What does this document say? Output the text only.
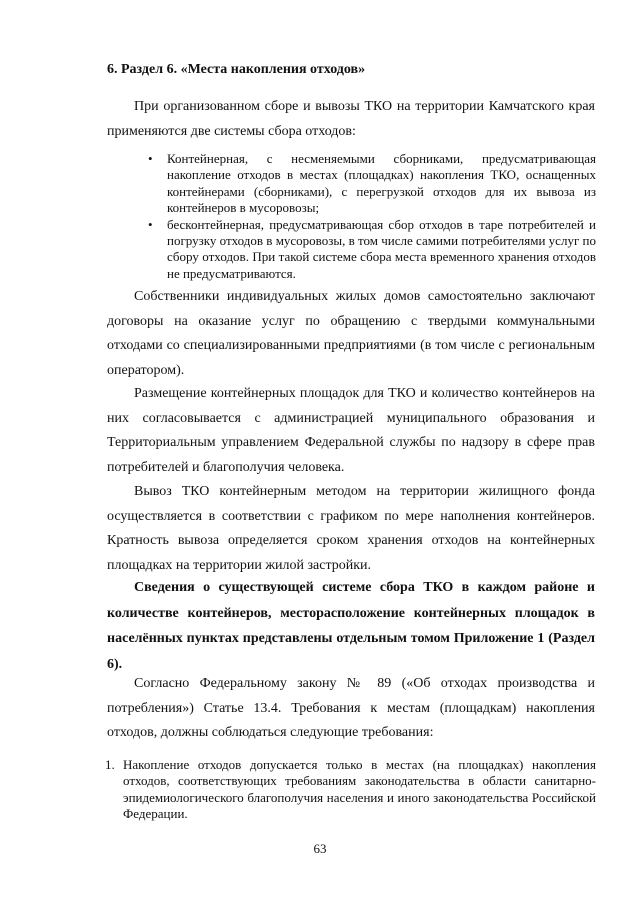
6. Раздел 6. «Места накопления отходов»

При организованном сборе и вывозы ТКО на территории Камчатского края применяются две системы сбора отходов:

• Контейнерная, с несменяемыми сборниками, предусматривающая накопление отходов в местах (площадках) накопления ТКО, оснащенных контейнерами (сборниками), с перегрузкой отходов для их вывоза из контейнеров в мусоровозы;
• бесконтейнерная, предусматривающая сбор отходов в таре потребителей и погрузку отходов в мусоровозы, в том числе самими потребителями услуг по сбору отходов. При такой системе сбора места временного хранения отходов не предусматриваются.

Собственники индивидуальных жилых домов самостоятельно заключают договоры на оказание услуг по обращению с твердыми коммунальными отходами со специализированными предприятиями (в том числе с региональным оператором).

Размещение контейнерных площадок для ТКО и количество контейнеров на них согласовывается с администрацией муниципального образования и Территориальным управлением Федеральной службы по надзору в сфере прав потребителей и благополучия человека.

Вывоз ТКО контейнерным методом на территории жилищного фонда осуществляется в соответствии с графиком по мере наполнения контейнеров. Кратность вывоза определяется сроком хранения отходов на контейнерных площадках на территории жилой застройки.

Сведения о существующей системе сбора ТКО в каждом районе и количестве контейнеров, месторасположение контейнерных площадок в населённых пунктах представлены отдельным томом Приложение 1 (Раздел 6).

Согласно Федеральному закону № 89 («Об отходах производства и потребления») Статье 13.4. Требования к местам (площадкам) накопления отходов, должны соблюдаться следующие требования:

1. Накопление отходов допускается только в местах (на площадках) накопления отходов, соответствующих требованиям законодательства в области санитарно-эпидемиологического благополучия населения и иного законодательства Российской Федерации.
63
